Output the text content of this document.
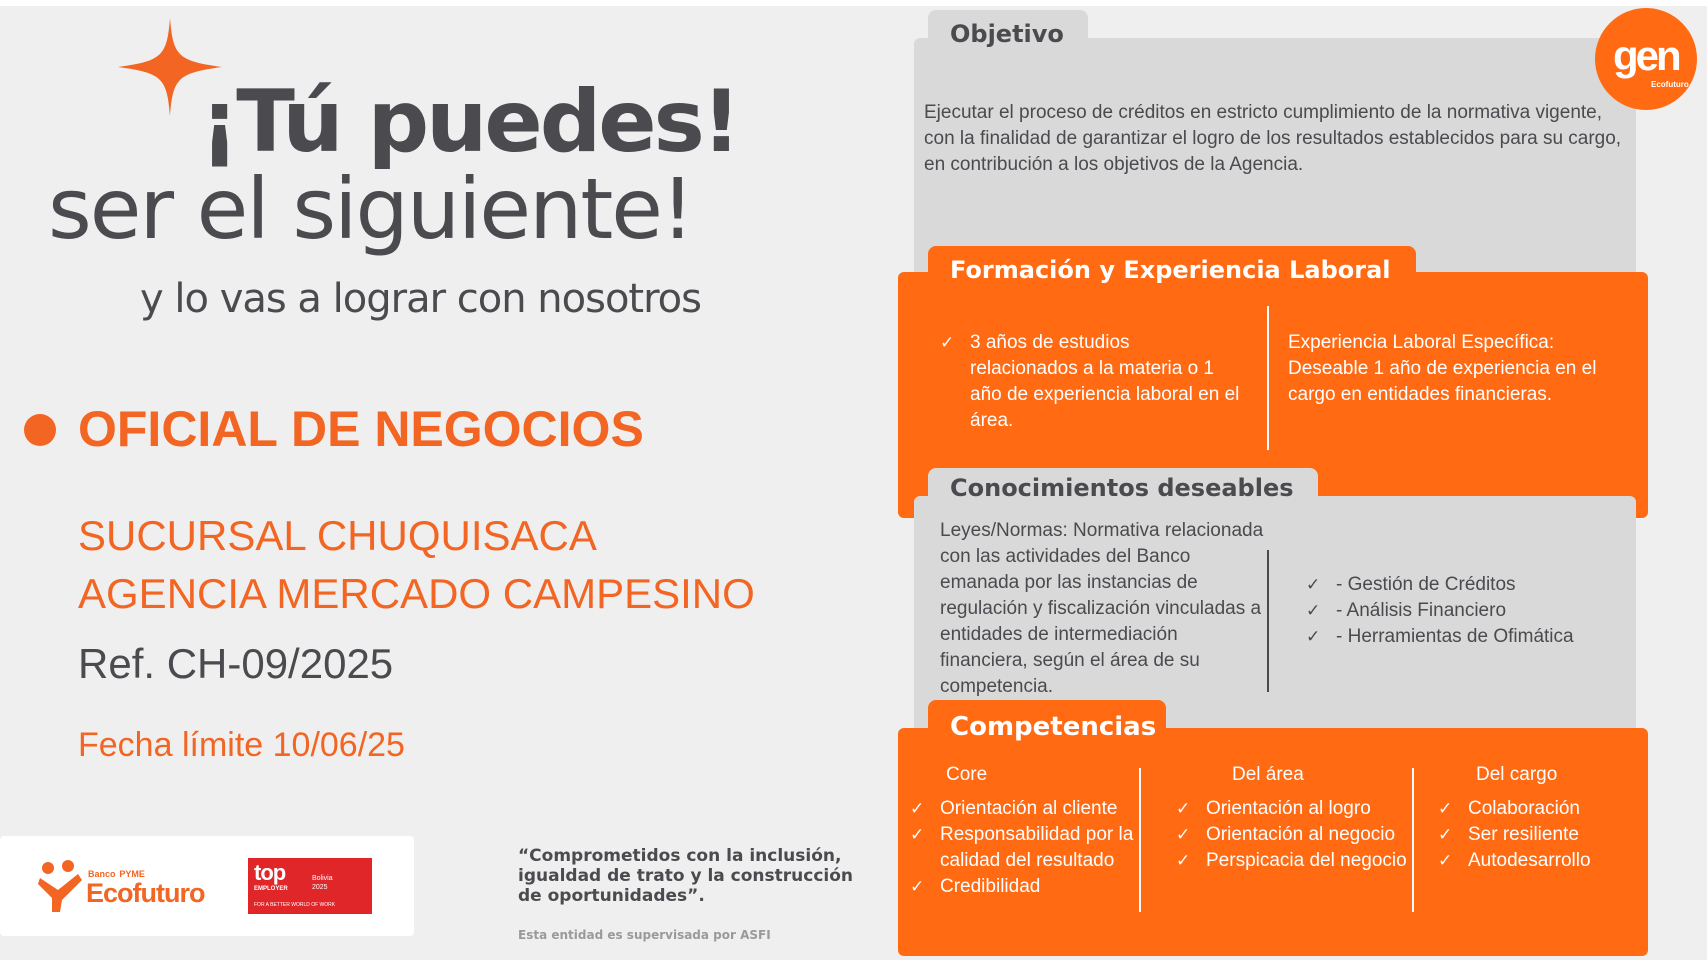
¡Tú puedes!
ser el siguiente!
y lo vas a lograr con nosotros
OFICIAL DE NEGOCIOS
SUCURSAL CHUQUISACA
AGENCIA MERCADO CAMPESINO
Ref. CH-09/2025
Fecha límite 10/06/25
Banco PYME
Ecofuturo
top
EMPLOYER
Bolivia
2025
FOR A BETTER WORLD OF WORK
“Comprometidos con la inclusión, igualdad de trato y la construcción de oportunidades”.
Esta entidad es supervisada por ASFI
Objetivo
Ejecutar el proceso de créditos en estricto cumplimiento de la normativa vigente, con la finalidad de garantizar el logro de los resultados establecidos para su cargo, en contribución a los objetivos de la Agencia.
Formación y Experiencia Laboral
✓ 3 años de estudios relacionados a la materia o 1 año de experiencia laboral en el área.
Experiencia Laboral Específica: Deseable 1 año de experiencia en el cargo en entidades financieras.
Conocimientos deseables
Leyes/Normas: Normativa relacionada con las actividades del Banco emanada por las instancias de regulación y fiscalización vinculadas a entidades de intermediación financiera, según el área de su competencia.
✓ - Gestión de Créditos
✓ - Análisis Financiero
✓ - Herramientas de Ofimática
Competencias
Core
✓ Orientación al cliente
✓ Responsabilidad por la calidad del resultado
✓ Credibilidad
Del área
✓ Orientación al logro
✓ Orientación al negocio
✓ Perspicacia del negocio
Del cargo
✓ Colaboración
✓ Ser resiliente
✓ Autodesarrollo
gen
Ecofuturo
